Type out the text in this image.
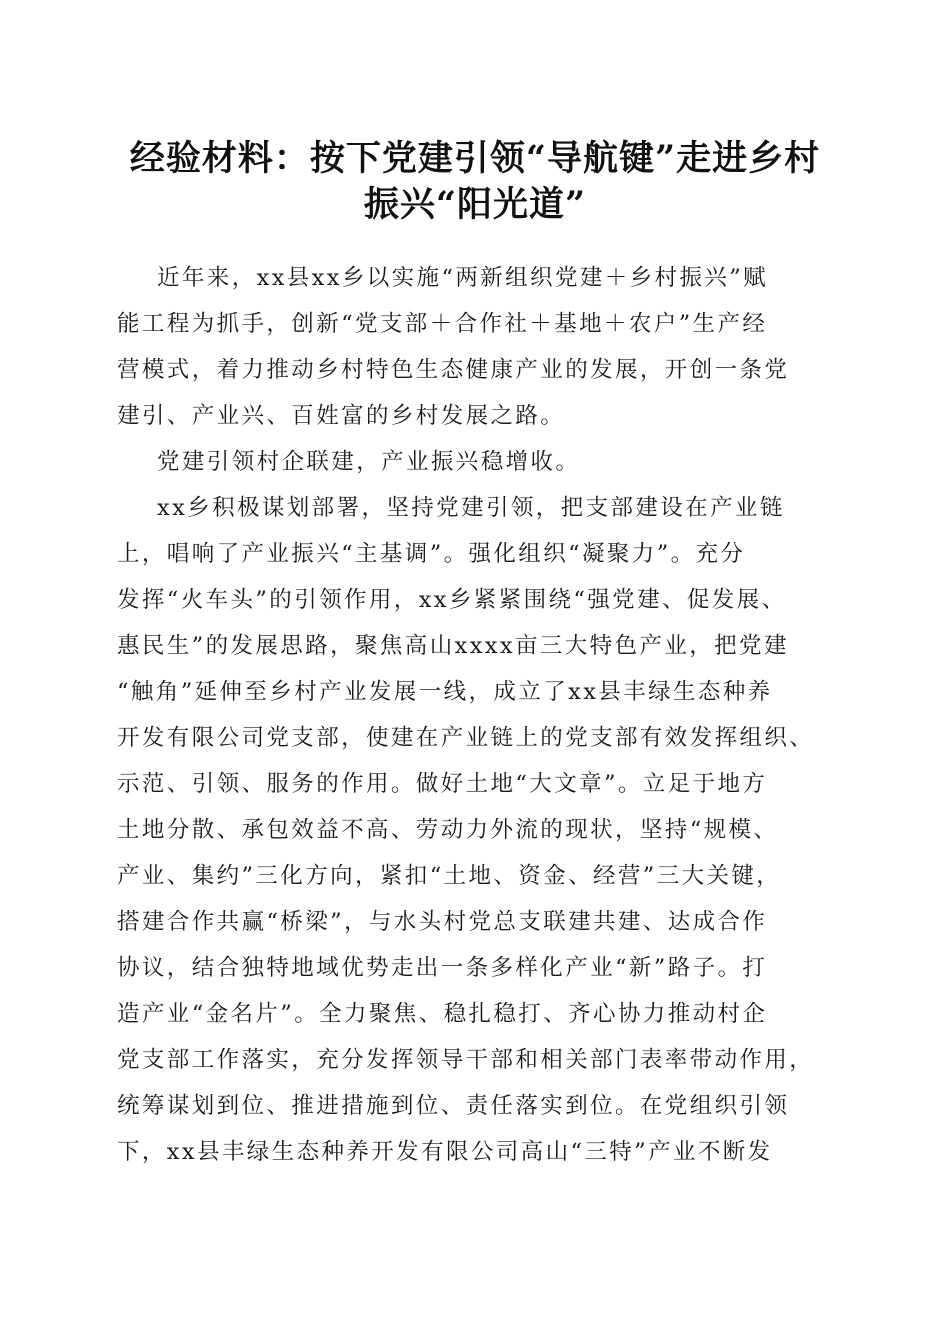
经验材料：按下党建引领“导航键”走进乡村
振兴“阳光道”
近年来，xx县xx乡以实施“两新组织党建＋乡村振兴”赋
能工程为抓手，创新“党支部＋合作社＋基地＋农户”生产经
营模式，着力推动乡村特色生态健康产业的发展，开创一条党
建引、产业兴、百姓富的乡村发展之路。
党建引领村企联建，产业振兴稳增收。
xx乡积极谋划部署，坚持党建引领，把支部建设在产业链
上，唱响了产业振兴“主基调”。强化组织“凝聚力”。充分
发挥“火车头”的引领作用，xx乡紧紧围绕“强党建、促发展、
惠民生”的发展思路，聚焦高山xxxx亩三大特色产业，把党建
“触角”延伸至乡村产业发展一线，成立了xx县丰绿生态种养
开发有限公司党支部，使建在产业链上的党支部有效发挥组织、
示范、引领、服务的作用。做好土地“大文章”。立足于地方
土地分散、承包效益不高、劳动力外流的现状，坚持“规模、
产业、集约”三化方向，紧扣“土地、资金、经营”三大关键，
搭建合作共赢“桥梁”，与水头村党总支联建共建、达成合作
协议，结合独特地域优势走出一条多样化产业“新”路子。打
造产业“金名片”。全力聚焦、稳扎稳打、齐心协力推动村企
党支部工作落实，充分发挥领导干部和相关部门表率带动作用，
统筹谋划到位、推进措施到位、责任落实到位。在党组织引领
下，xx县丰绿生态种养开发有限公司高山“三特”产业不断发
